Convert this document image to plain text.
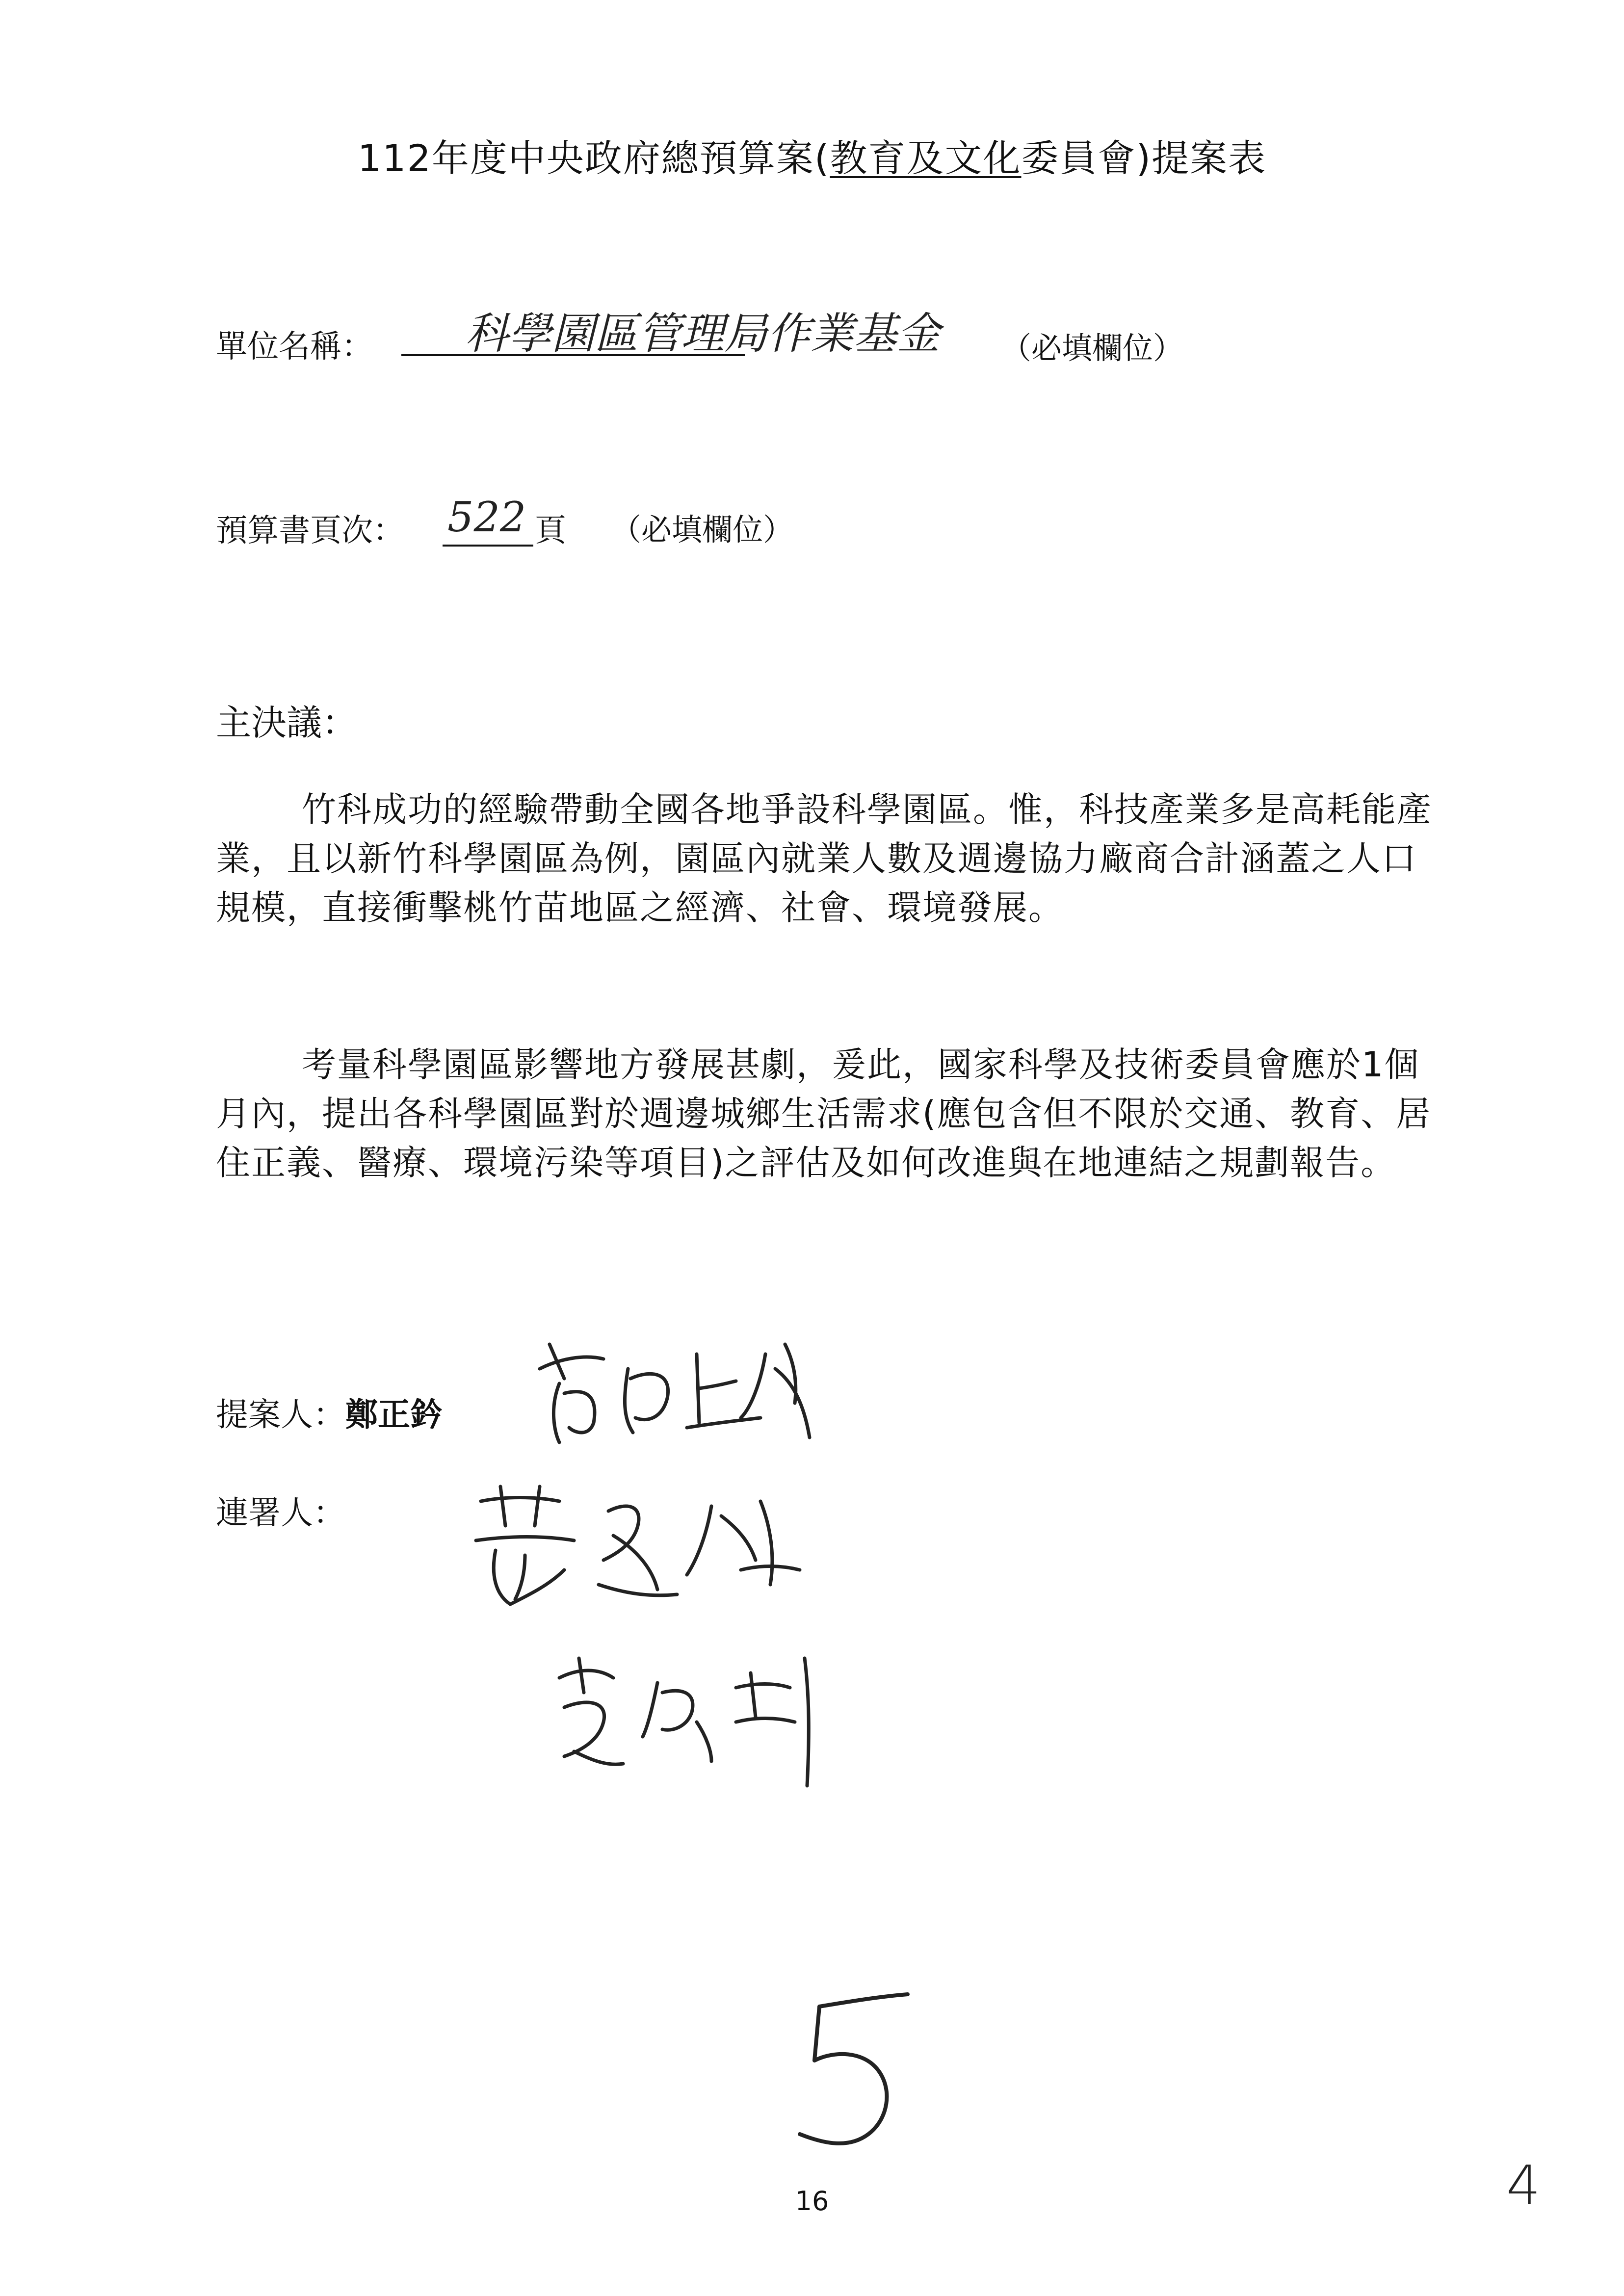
112年度中央政府總預算案(教育及文化委員會)提案表
單位名稱： 科學園區管理局作業基金 （必填欄位）
預算書頁次： 522 頁 （必填欄位）
主決議：
竹科成功的經驗帶動全國各地爭設科學園區。惟，科技產業多是高耗能產業，且以新竹科學園區為例，園區內就業人數及週邊協力廠商合計涵蓋之人口規模，直接衝擊桃竹苗地區之經濟、社會、環境發展。
考量科學園區影響地方發展甚劇，爰此，國家科學及技術委員會應於1個月內，提出各科學園區對於週邊城鄉生活需求(應包含但不限於交通、教育、居住正義、醫療、環境污染等項目)之評估及如何改進與在地連結之規劃報告。
提案人：鄭正鈐
連署人：
5
16	4
